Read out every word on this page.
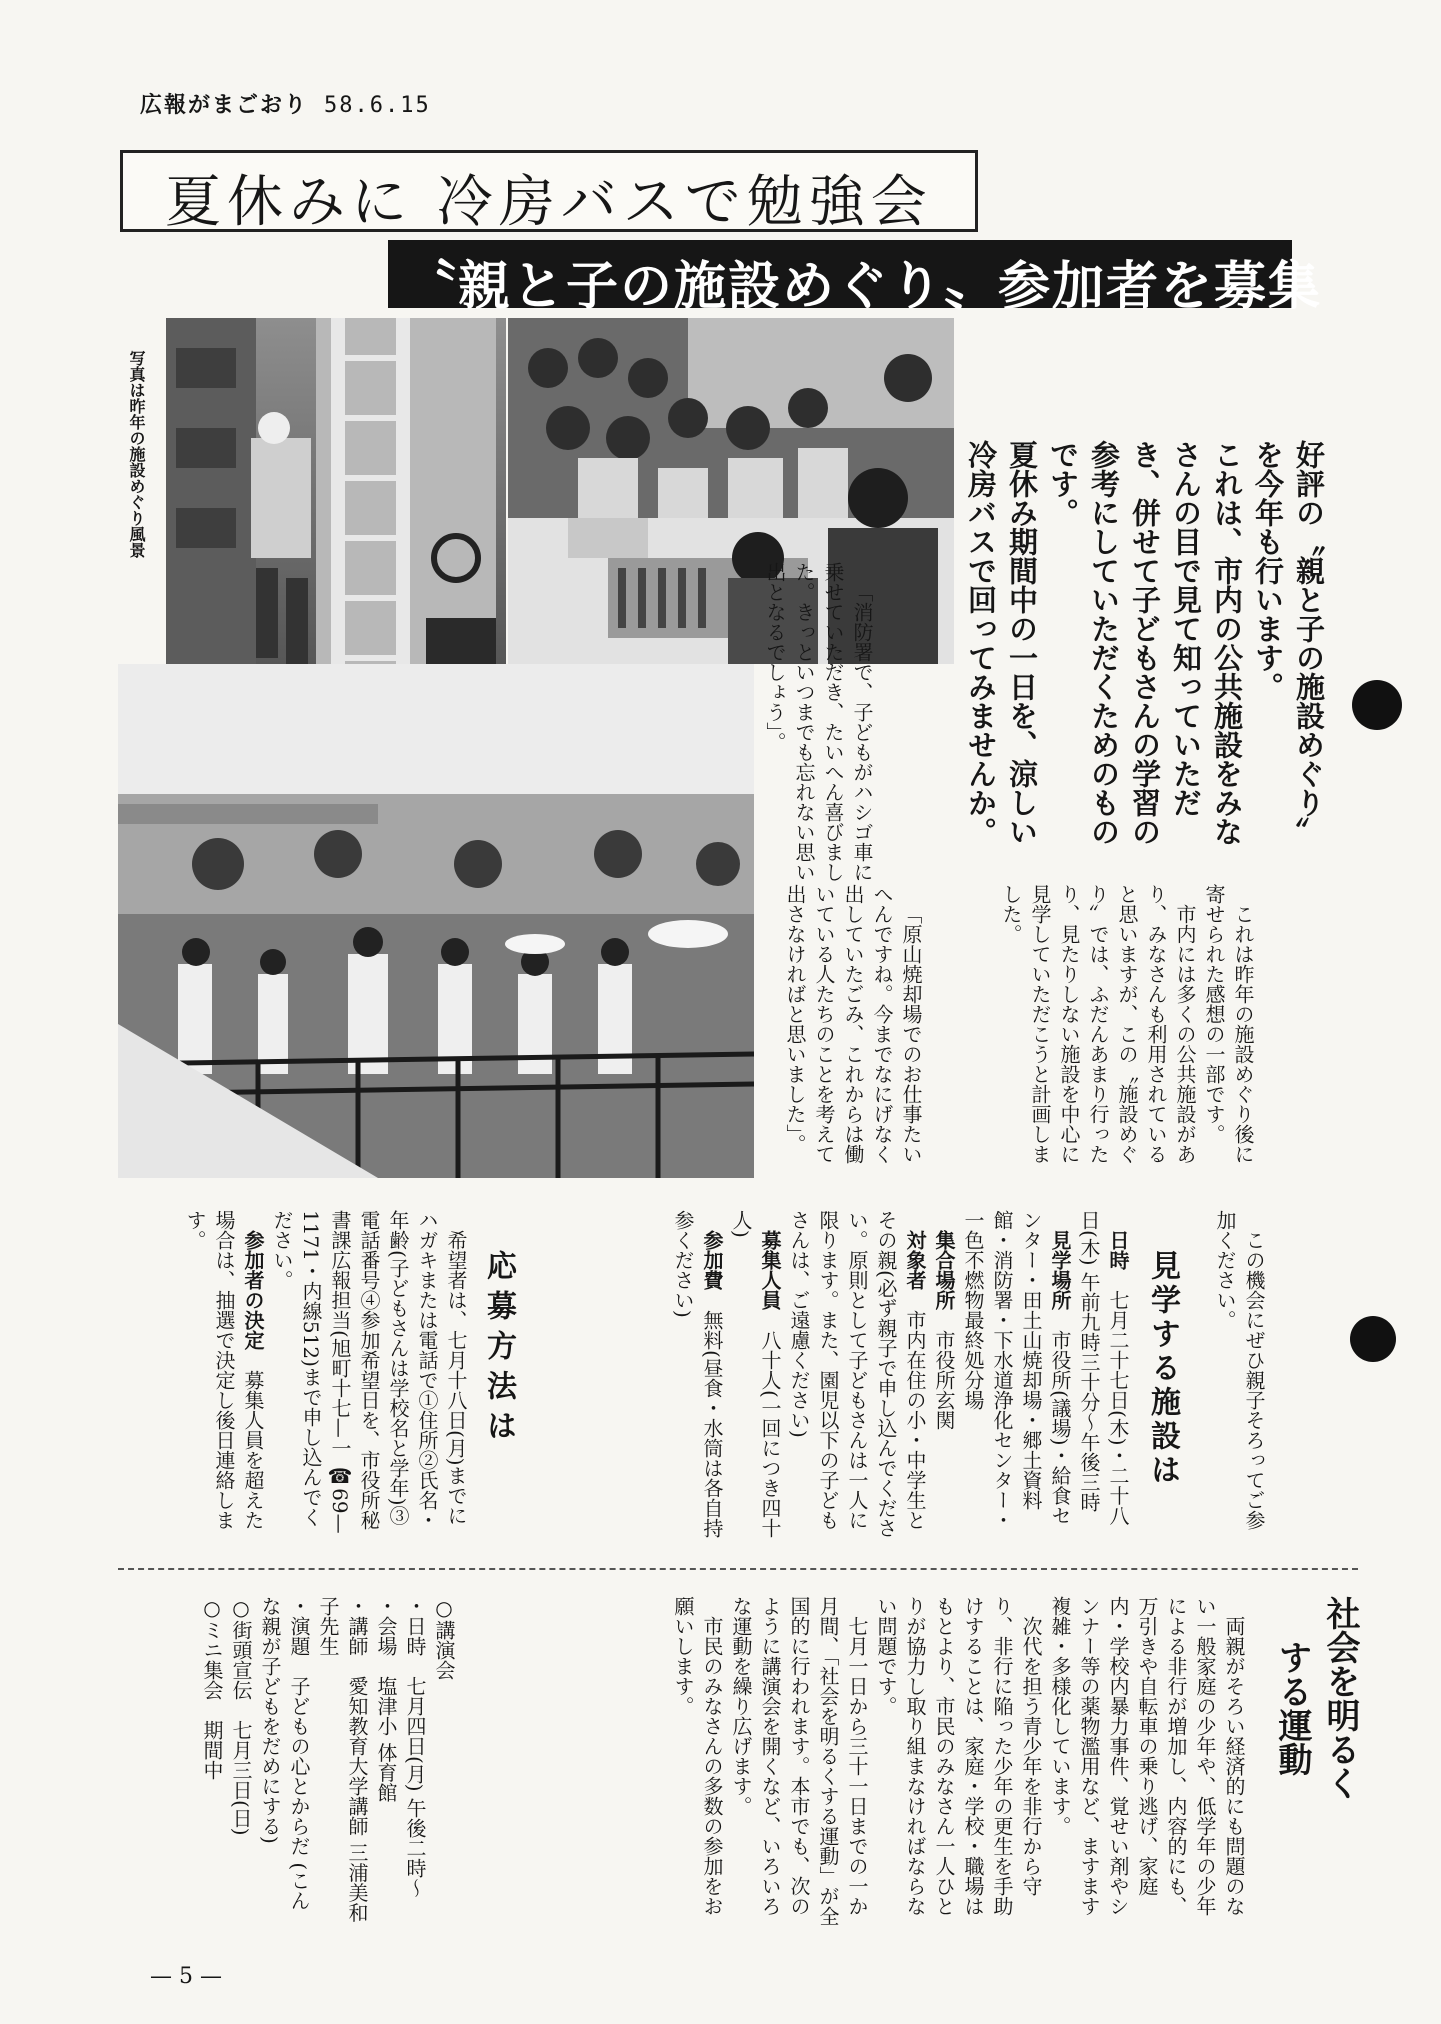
広報がまごおり 58.6.15
夏休みに 冷房バスで勉強会
〝親と子の施設めぐり〟参加者を募集
写真は昨年の施設めぐり風景	好評の〝親と子の施設めぐり〟を今年も行います。

これは、市内の公共施設をみなさんの目で見て知っていただき、併せて子どもさんの学習の参考にしていただくためのものです。

夏休み期間中の一日を、涼しい冷房バスで回ってみませんか。

「消防署で、子どもがハシゴ車に乗せていただき、たいへん喜びました。きっといつまでも忘れない思い出となるでしょう」。

「原山焼却場でのお仕事たいへんですね。今までなにげなく出していたごみ、これからは働いている人たちのことを考えて出さなければと思いました」。	これは昨年の施設めぐり後に寄せられた感想の一部です。

市内には多くの公共施設があり、みなさんも利用されていると思いますが、この〝施設めぐり〟では、ふだんあまり行ったり、見たりしない施設を中心に見学していただこうと計画しました。

この機会にぜひ親子そろってご参加ください。

見学する施設は

日時　七月二十七日(木)・二十八日(木) 午前九時三十分〜午後三時

見学場所　市役所(議場)・給食センター・田土山焼却場・郷土資料館・消防署・下水道浄化センター・一色不燃物最終処分場

集合場所　市役所玄関

対象者　市内在住の小・中学生とその親(必ず親子で申し込んでください。原則として子どもさんは一人に限ります。また、園児以下の子どもさんは、ご遠慮ください)

募集人員　八十人(一回につき四十人)

参加費　無料(昼食・水筒は各自持参ください)

応募方法は

希望者は、七月十八日(月)までにハガキまたは電話で①住所②氏名・年齢(子どもさんは学校名と学年)③電話番号④参加希望日を、市役所秘書課広報担当(旭町十七—一 ☎69—1171・内線512)まで申し込んでください。

参加者の決定　募集人員を超えた場合は、抽選で決定し後日連絡します。

社会を明るく
する運動

両親がそろい経済的にも問題のない一般家庭の少年や、低学年の少年による非行が増加し、内容的にも、万引きや自転車の乗り逃げ、家庭内・学校内暴力事件、覚せい剤やシンナー等の薬物濫用など、ますます複雑・多様化しています。

次代を担う青少年を非行から守り、非行に陥った少年の更生を手助けすることは、家庭・学校・職場はもとより、市民のみなさん一人ひとりが協力し取り組まなければならない問題です。

七月一日から三十一日までの一か月間、「社会を明るくする運動」が全国的に行われます。本市でも、次のように講演会を開くなど、いろいろな運動を繰り広げます。

市民のみなさんの多数の参加をお願いします。

○講演会

・日時　七月四日(月) 午後二時〜

・会場　塩津小 体育館

・講師　愛知教育大学講師 三浦美和子先生

・演題　子どもの心とからだ (こんな親が子どもをだめにする)

○街頭宣伝　七月三日(日)

○ミニ集会　期間中

— 5 —
